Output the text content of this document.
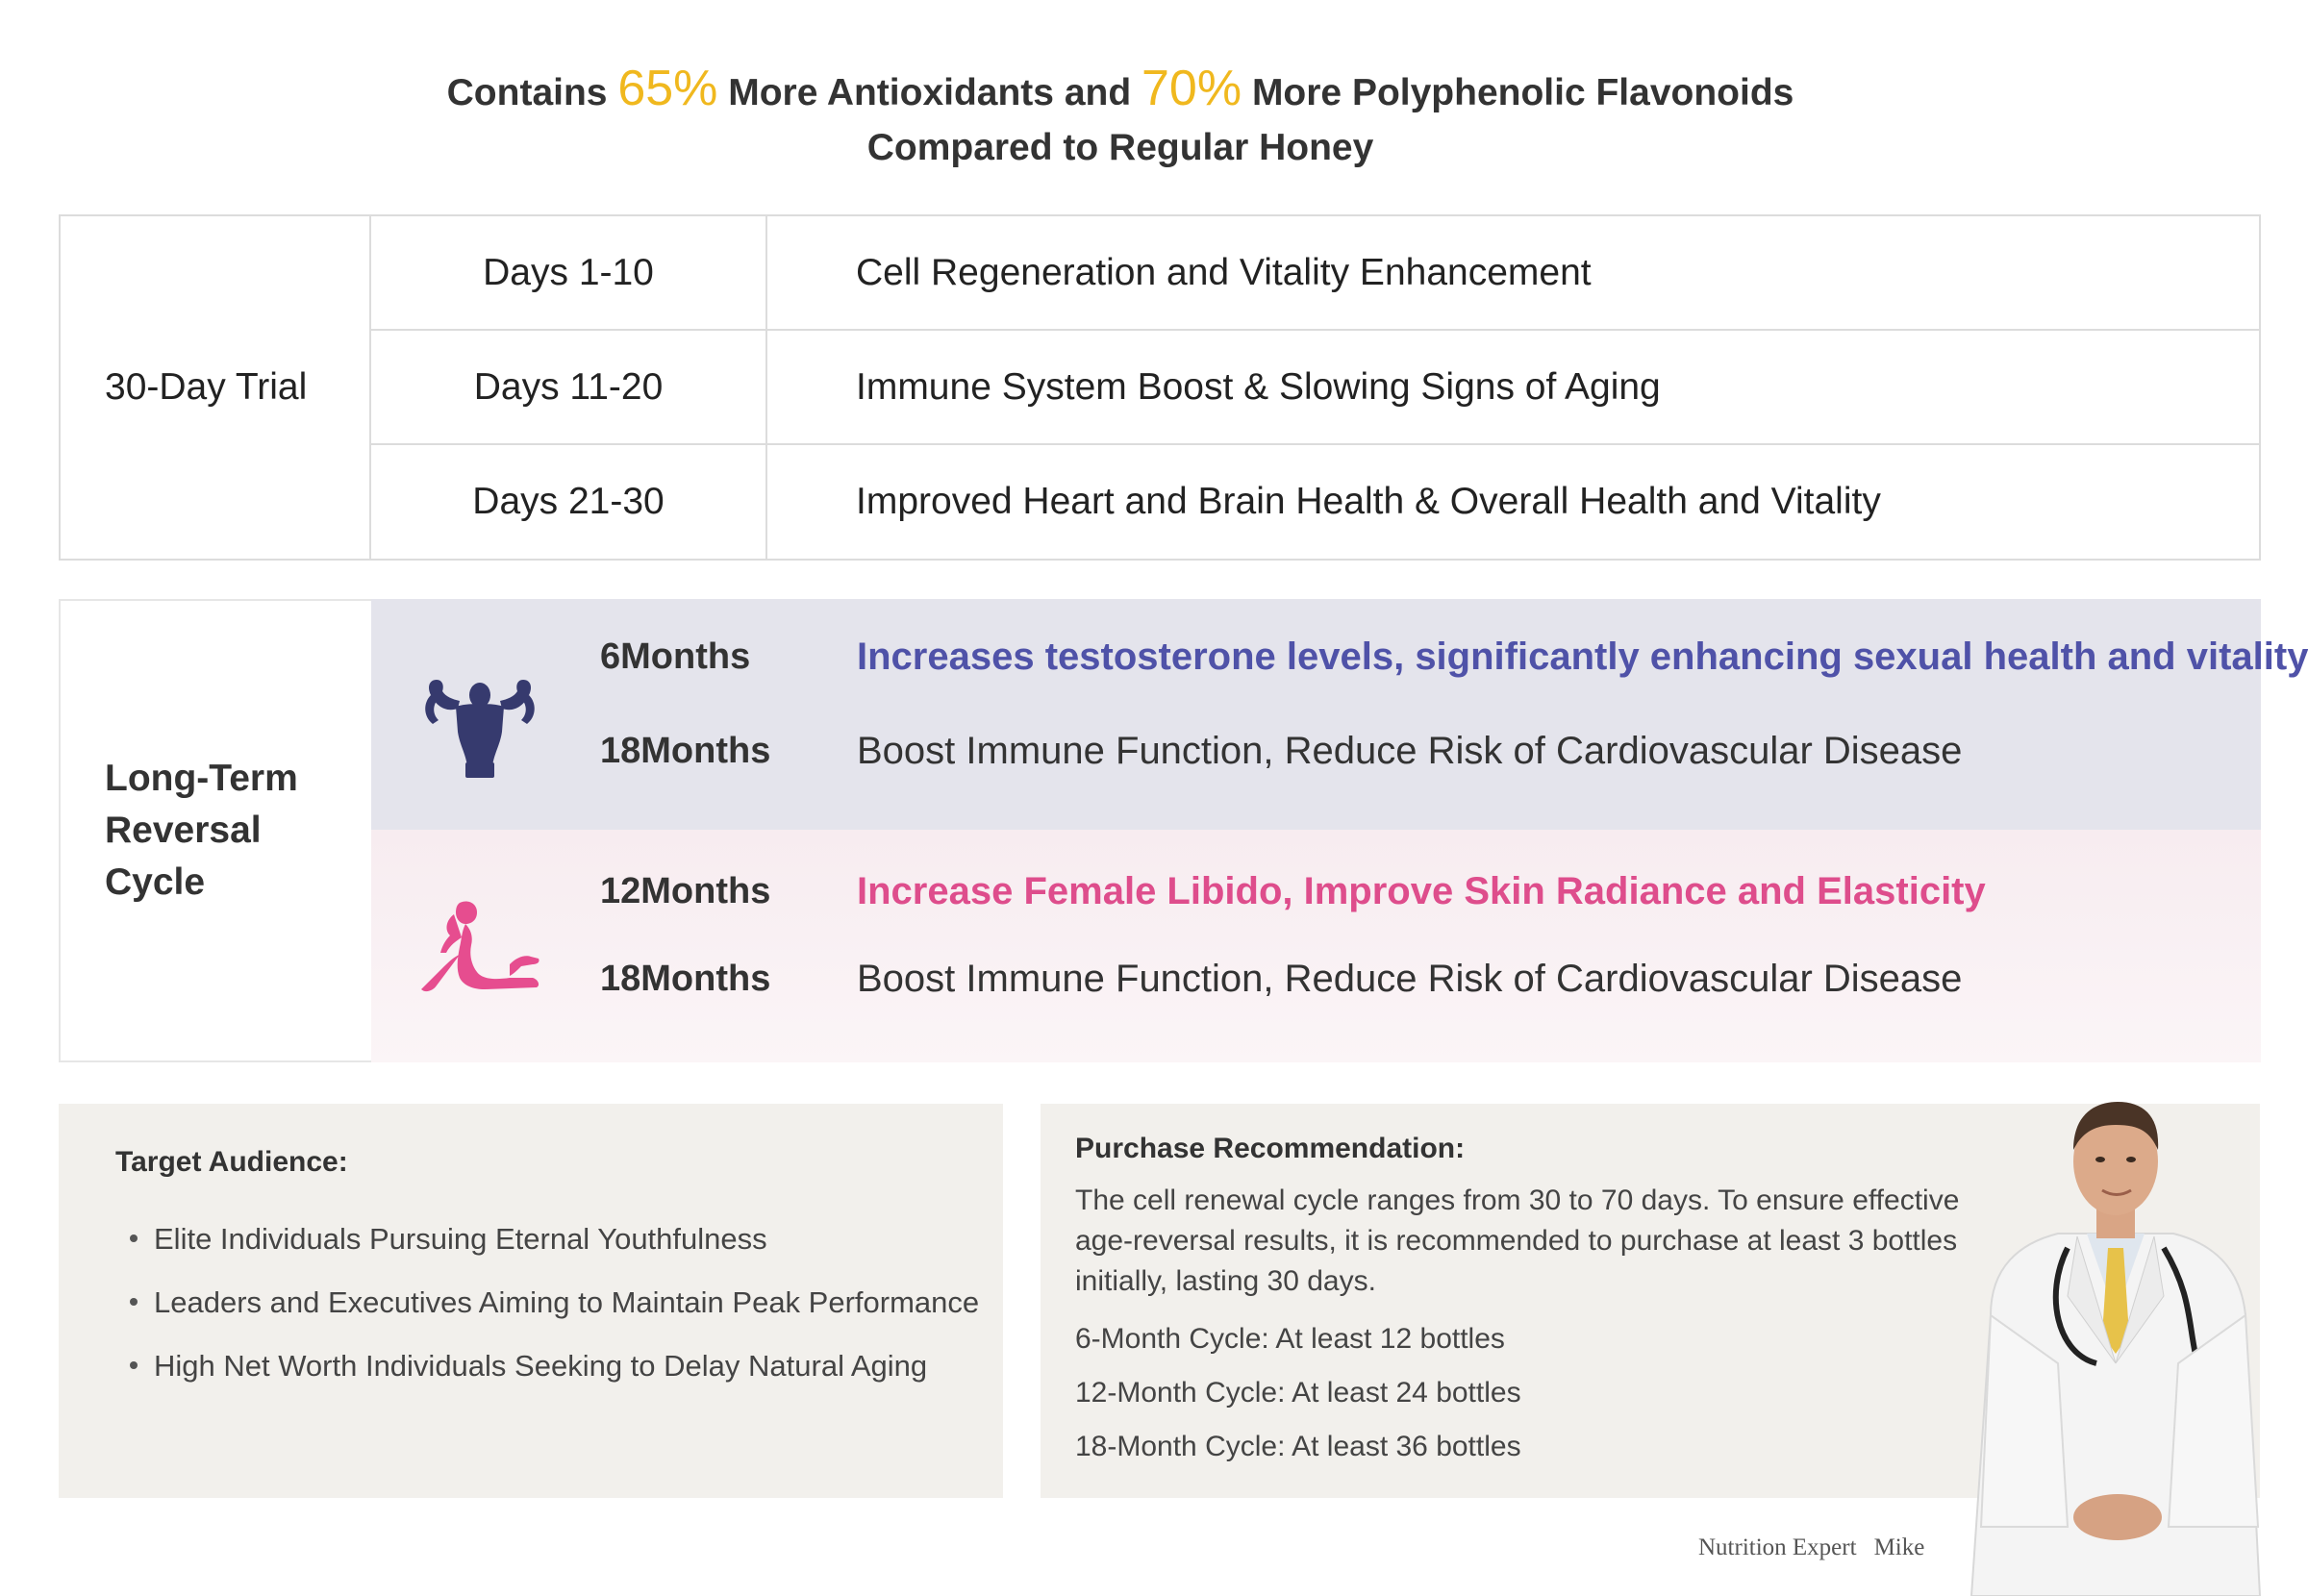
Contains 65% More Antioxidants and 70% More Polyphenolic Flavonoids
Compared to Regular Honey
30-Day Trial
Days 1-10	Cell Regeneration and Vitality Enhancement
Days 11-20	Immune System Boost & Slowing Signs of Aging
Days 21-30	Improved Heart and Brain Health & Overall Health and Vitality
Long-Term
Reversal Cycle
6Months	Increases testosterone levels, significantly enhancing sexual health and vitality
18Months Boost Immune Function, Reduce Risk of Cardiovascular Disease
12Months Increase Female Libido, Improve Skin Radiance and Elasticity
18Months Boost Immune Function, Reduce Risk of Cardiovascular Disease
Target Audience:
Elite Individuals Pursuing Eternal Youthfulness
Leaders and Executives Aiming to Maintain Peak Performance
High Net Worth Individuals Seeking to Delay Natural Aging
Purchase Recommendation:
The cell renewal cycle ranges from 30 to 70 days. To ensure effective age-reversal results, it is recommended to purchase at least 3 bottles initially, lasting 30 days.
6-Month Cycle: At least 12 bottles
12-Month Cycle: At least 24 bottles
18-Month Cycle: At least 36 bottles
Nutrition Expert Mike
